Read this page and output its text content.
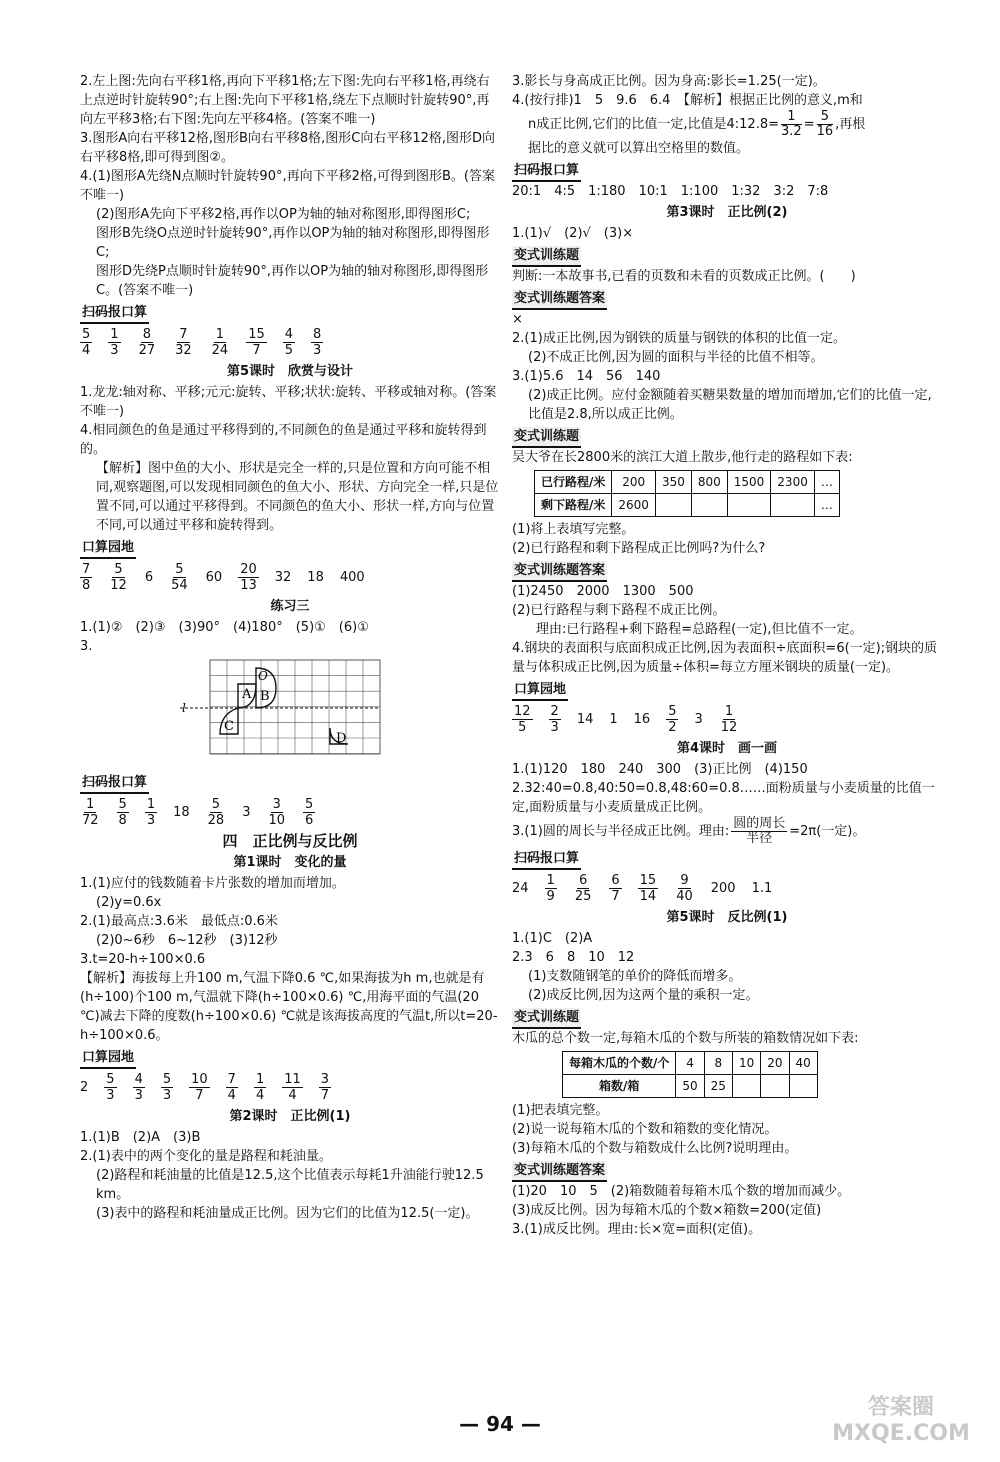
2.左上图:先向右平移1格,再向下平移1格;左下图:先向右平移1格,再绕右上点逆时针旋转90°;右上图:先向下平移1格,绕左下点顺时针旋转90°,再向左平移3格;右下图:先向左平移4格。(答案不唯一)

3.图形A向右平移12格,图形B向右平移8格,图形C向右平移12格,图形D向右平移8格,即可得到图②。

4.(1)图形A先绕N点顺时针旋转90°,再向下平移2格,可得到图形B。(答案不唯一)

(2)图形A先向下平移2格,再作以OP为轴的轴对称图形,即得图形C;

图形B先绕O点逆时针旋转90°,再作以OP为轴的轴对称图形,即得图形C;

图形D先绕P点顺时针旋转90°,再作以OP为轴的轴对称图形,即得图形C。(答案不唯一)

扫码报口算
$\frac{5}{4} \frac{1}{3} \frac{8}{27} \frac{7}{32} \frac{1}{24} \frac{15}{7} \frac{4}{5} \frac{8}{3}$
第5课时　欣赏与设计

1.龙龙:轴对称、平移;元元:旋转、平移;状状:旋转、平移或轴对称。(答案不唯一)

4.相同颜色的鱼是通过平移得到的,不同颜色的鱼是通过平移和旋转得到的。

【解析】图中鱼的大小、形状是完全一样的,只是位置和方向可能不相同,观察题图,可以发现相同颜色的鱼大小、形状、方向完全一样,只是位置不同,可以通过平移得到。不同颜色的鱼大小、形状一样,方向与位置不同,可以通过平移和旋转得到。

口算园地
$\frac{7}{8} \frac{5}{12} 6 \frac{5}{54} 60 \frac{20}{13} 32$ 18 400
练习三

1.(1)②　(2)③　(3)90°　(4)180°　(5)①　(6)①

3.

A B
O
C
D
l
扫码报口算
$\frac{1}{72} \frac{5}{8} \frac{1}{3} 18 \frac{5}{28} 3 \frac{3}{10} \frac{5}{6}$
四　正比例与反比例
第1课时　变化的量

1.(1)应付的钱数随着卡片张数的增加而增加。

(2)y=0.6x

2.(1)最高点:3.6米　最低点:0.6米

(2)0~6秒　6~12秒　(3)12秒

3.t=20-h÷100×0.6

【解析】海拔每上升100 m,气温下降0.6 ℃,如果海拔为h m,也就是有(h÷100)个100 m,气温就下降(h÷100×0.6) ℃,用海平面的气温(20 ℃)减去下降的度数(h÷100×0.6) ℃就是该海拔高度的气温t,所以t=20-h÷100×0.6。

口算园地
$2 \frac{5}{3} \frac{4}{3} \frac{5}{3} \frac{10}{7} \frac{7}{4} \frac{1}{4} \frac{11}{4} \frac{3}{7}$
第2课时　正比例(1)

1.(1)B　(2)A　(3)B

2.(1)表中的两个变化的量是路程和耗油量。

(2)路程和耗油量的比值是12.5,这个比值表示每耗1升油能行驶12.5 km。

(3)表中的路程和耗油量成正比例。因为它们的比值为12.5(一定)。

3.影长与身高成正比例。因为身高:影长=1.25(一定)。

4.(按行排)1　5　9.6　6.4　【解析】根据正比例的意义,m和

n成正比例,它们的比值一定,比值是4:12.8= $\frac{1}{3.2} = \frac{5}{16}$ ,再根

据比的意义就可以算出空格里的数值。

扫码报口算

20:1　4:5　1:180　10:1　1:100　1:32　3:2　7:8

第3课时　正比例(2)

1.(1)√　(2)√　(3)×

变式训练题

判断:一本故事书,已看的页数和未看的页数成正比例。(　　)

变式训练题答案

×

2.(1)成正比例,因为钢铁的质量与钢铁的体积的比值一定。

(2)不成正比例,因为圆的面积与半径的比值不相等。

3.(1)5.6　14　56　140

(2)成正比例。应付金额随着买糖果数量的增加而增加,它们的比值一定,比值是2.8,所以成正比例。

变式训练题

吴大爷在长2800米的滨江大道上散步,他行走的路程如下表:

已行路程/米	200	350	800	1500	2300	…
剩下路程/米	2600					…

(1)将上表填写完整。

(2)已行路程和剩下路程成正比例吗?为什么?

变式训练题答案

(1)2450　2000　1300　500

(2)已行路程与剩下路程不成正比例。

理由:已行路程+剩下路程=总路程(一定),但比值不一定。

4.钢块的表面积与底面积成正比例,因为表面积÷底面积=6(一定);钢块的质量与体积成正比例,因为质量÷体积=每立方厘米钢块的质量(一定)。

口算园地
$\frac{12}{5} \frac{2}{3} 14$ 1 $16 \frac{5}{2} 3 \frac{1}{12}$
第4课时　画一画

1.(1)120　180　240　300　(3)正比例　(4)150

2.32:40=0.8,40:50=0.8,48:60=0.8……面粉质量与小麦质量的比值一定,面粉质量与小麦质量成正比例。

3.(1)圆的周长与半径成正比例。理由: $\frac{\text{圆的周长}}{\text{半径}} =2\pi$(一定)。

扫码报口算
$24 \frac{1}{9} \frac{6}{25} \frac{6}{7} \frac{15}{14} \frac{9}{40} 200$ 1.1
第5课时　反比例(1)

1.(1)C　(2)A

2.3　6　8　10　12

(1)支数随钢笔的单价的降低而增多。

(2)成反比例,因为这两个量的乘积一定。

变式训练题

木瓜的总个数一定,每箱木瓜的个数与所装的箱数情况如下表:

每箱木瓜的个数/个	4	8	10	20	40
箱数/箱	50	25			

(1)把表填完整。

(2)说一说每箱木瓜的个数和箱数的变化情况。

(3)每箱木瓜的个数与箱数成什么比例?说明理由。

变式训练题答案

(1)20　10　5　(2)箱数随着每箱木瓜个数的增加而减少。

(3)成反比例。因为每箱木瓜的个数×箱数=200(定值)

3.(1)成反比例。理由:长×宽=面积(定值)。

— 94 —
答案圈 MXQE.COM
